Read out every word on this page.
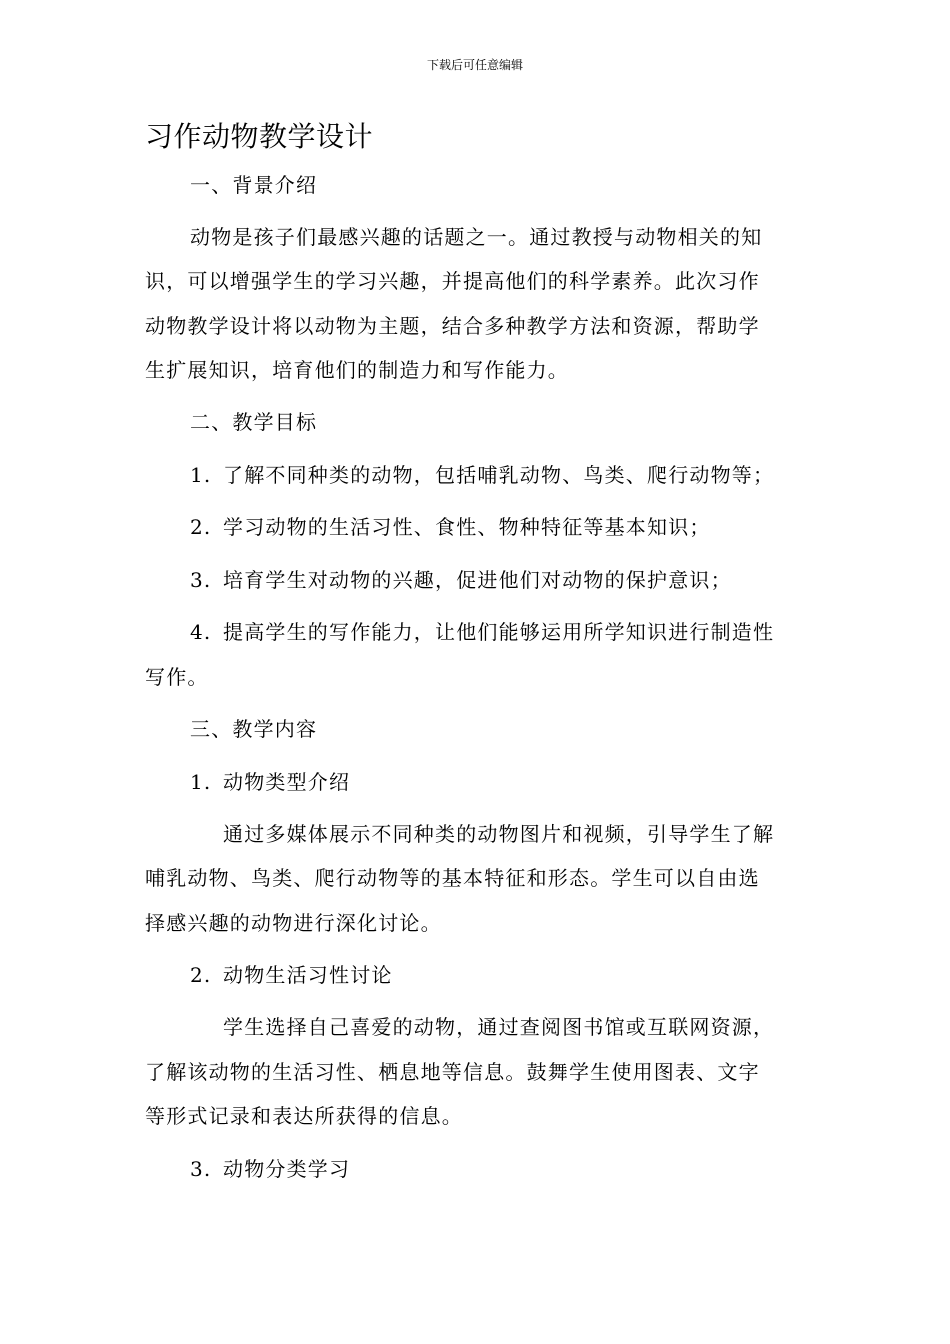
下载后可任意编辑
习作动物教学设计
一、背景介绍
动物是孩子们最感兴趣的话题之一。通过教授与动物相关的知
识，可以增强学生的学习兴趣，并提高他们的科学素养。此次习作
动物教学设计将以动物为主题，结合多种教学方法和资源，帮助学
生扩展知识，培育他们的制造力和写作能力。
二、教学目标
1. 了解不同种类的动物，包括哺乳动物、鸟类、爬行动物等；
2. 学习动物的生活习性、食性、物种特征等基本知识；
3. 培育学生对动物的兴趣，促进他们对动物的保护意识；
4. 提高学生的写作能力，让他们能够运用所学知识进行制造性
写作。
三、教学内容
1. 动物类型介绍
通过多媒体展示不同种类的动物图片和视频，引导学生了解
哺乳动物、鸟类、爬行动物等的基本特征和形态。学生可以自由选
择感兴趣的动物进行深化讨论。
2. 动物生活习性讨论
学生选择自己喜爱的动物，通过查阅图书馆或互联网资源，
了解该动物的生活习性、栖息地等信息。鼓舞学生使用图表、文字
等形式记录和表达所获得的信息。
3. 动物分类学习
